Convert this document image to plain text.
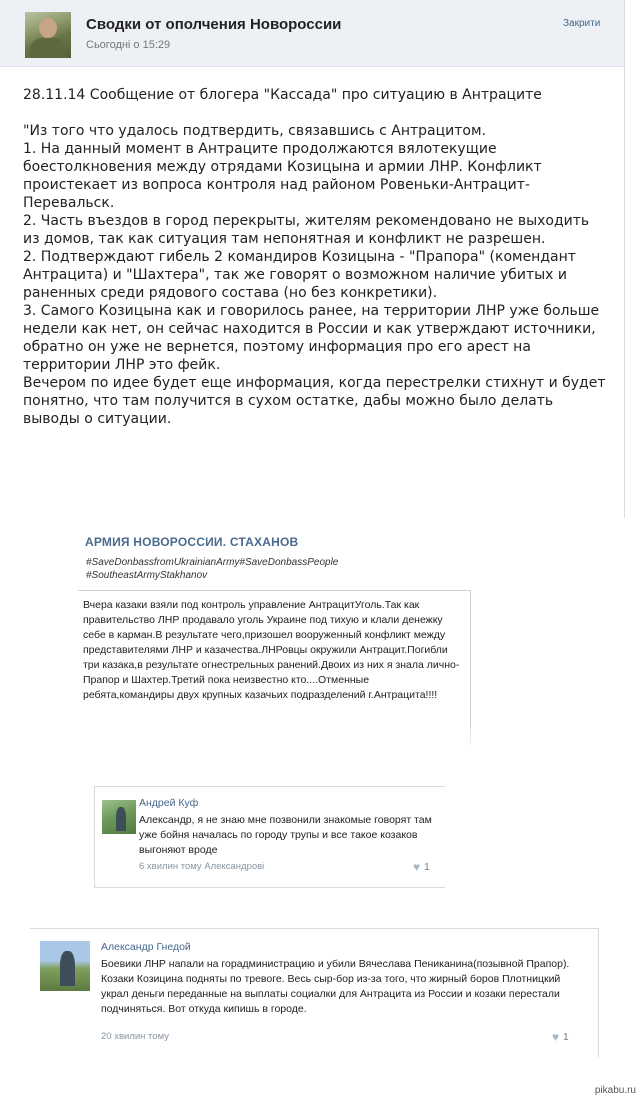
Сводки от ополчения Новороссии
Сьогодні о 15:29
Закрити

28.11.14 Сообщение от блогера "Кассада" про ситуацию в Антраците

"Из того что удалось подтвердить, связавшись с Антрацитом.

1. На данный момент в Антраците продолжаются вялотекущие боестолкновения между отрядами Козицына и армии ЛНР. Конфликт проистекает из вопроса контроля над районом Ровеньки-Антрацит-Перевальск.

2. Часть въездов в город перекрыты, жителям рекомендовано не выходить из домов, так как ситуация там непонятная и конфликт не разрешен.

2. Подтверждают гибель 2 командиров Козицына - "Прапора" (комендант Антрацита) и "Шахтера", так же говорят о возможном наличие убитых и раненных среди рядового состава (но без конкретики).

3. Самого Козицына как и говорилось ранее, на территории ЛНР уже больше недели как нет, он сейчас находится в России и как утверждают источники, обратно он уже не вернется, поэтому информация про его арест на территории ЛНР это фейк.

Вечером по идее будет еще информация, когда перестрелки стихнут и будет понятно, что там получится в сухом остатке, дабы можно было делать выводы о ситуации.

АРМИЯ НОВОРОССИИ. СТАХАНОВ
#SaveDonbassfromUkrainianArmy#SaveDonbassPeople
#SoutheastArmyStakhanov
Вчера казаки взяли под контроль управление АнтрацитУголь.Так как правительство ЛНР продавало уголь Украине под тихую и клали денежку себе в карман.В результате чего,призошел вооруженный конфликт между представителями ЛНР и казачества.ЛНРовцы окружили Антрацит.Погибли три казака,в результате огнестрельных ранений.Двоих из них я знала лично-Прапор и Шахтер.Третий пока неизвестно кто....Отменные ребята,командиры двух крупных казачьих подразделений г.Антрацита!!!!
Андрей Куф
Александр, я не знаю мне позвонили знакомые говорят там уже бойня началась по городу трупы и все такое козаков выгоняют вроде
6 хвилин тому Александрові	♥ 1
Александр Гнедой
Боевики ЛНР напали на горадминистрацию и убили Вячеслава Пениканина(позывной Прапор). Козаки Козицина подняты по тревоге. Весь сыр-бор из-за того, что жирный боров Плотницкий украл деньги переданные на выплаты социалки для Антрацита из России и козаки перестали подчиняться. Вот откуда кипишь в городе.
20 хвилин тому	♥ 1
pikabu.ru
